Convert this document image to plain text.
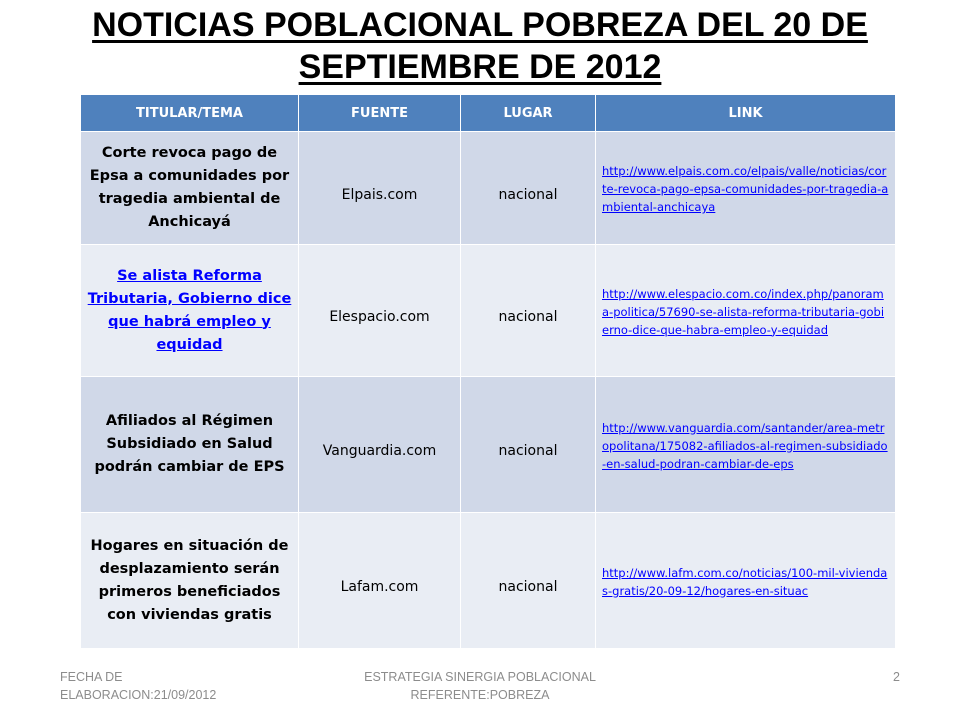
NOTICIAS POBLACIONAL POBREZA DEL 20 DE
SEPTIEMBRE DE 2012
TITULAR/TEMA	FUENTE	LUGAR	LINK
Corte revoca pago de Epsa a comunidades por tragedia ambiental de Anchicayá	Elpais.com	nacional	http://www.elpais.com.co/elpais/valle/noticias/corte-revoca-pago-epsa-comunidades-por-tragedia-ambiental-anchicaya
Se alista Reforma Tributaria, Gobierno dice que habrá empleo y equidad	Elespacio.com	nacional	http://www.elespacio.com.co/index.php/panorama-politica/57690-se-alista-reforma-tributaria-gobierno-dice-que-habra-empleo-y-equidad
Afiliados al Régimen Subsidiado en Salud podrán cambiar de EPS	Vanguardia.com	nacional	http://www.vanguardia.com/santander/area-metropolitana/175082-afiliados-al-regimen-subsidiado-en-salud-podran-cambiar-de-eps
Hogares en situación de desplazamiento serán primeros beneficiados con viviendas gratis	Lafam.com	nacional	http://www.lafm.com.co/noticias/100-mil-viviendas-gratis/20-09-12/hogares-en-situac
FECHA DE
ELABORACION:21/09/2012
ESTRATEGIA SINERGIA POBLACIONAL
REFERENTE:POBREZA
2
